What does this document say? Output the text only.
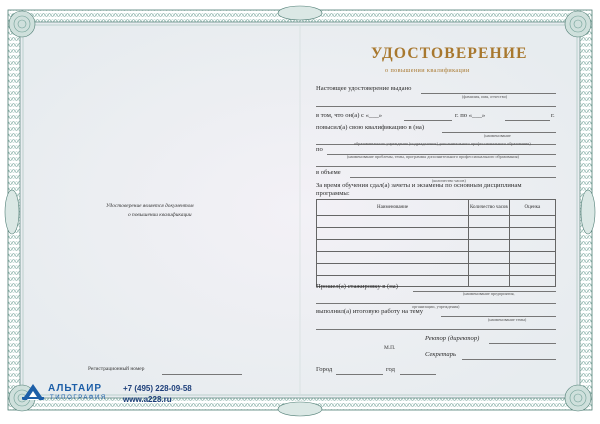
Удостоверение является документом
о повышении квалификации
Регистрационный номер
УДОСТОВЕРЕНИЕ
о повышении квалификации
Настоящее удостоверение выдано
(фамилия, имя, отчество)
в том, что он(а) с «___»	г. по «___»	г.
повысил(а) свою квалификацию в (на)
(наименование
образовательного учреждения (подразделения) дополнительного профессионального образования)
по
(наименование проблемы, темы, программы дополнительного профессионального образования)
в объеме
(количество часов)
За время обучения сдал(а) зачеты и экзамены по основным дисциплинам
программы:
Наименование	Количество часов	Оценка

Прошел(а) стажировку в (на)
(наименование предприятия,
организации, учреждения)
выполнил(а) итоговую работу на тему
(наименование темы)
Ректор (директор)
М.П.
Секретарь
Город	год
АЛЬТАИР
ТИПОГРАФИЯ
+7 (495) 228-09-58
www.a228.ru
